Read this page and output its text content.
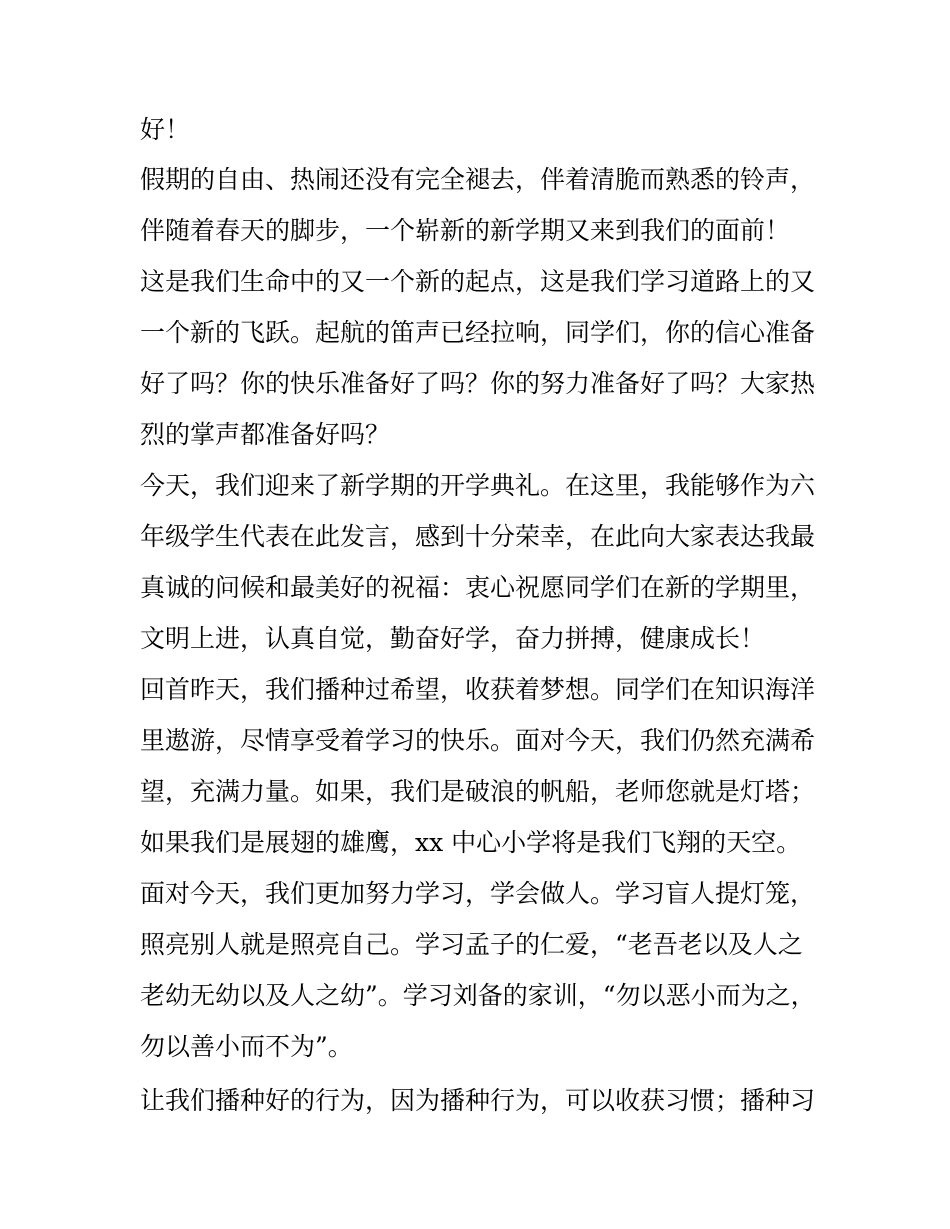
好！
假期的自由、热闹还没有完全褪去，伴着清脆而熟悉的铃声，
伴随着春天的脚步，一个崭新的新学期又来到我们的面前！
这是我们生命中的又一个新的起点，这是我们学习道路上的又
一个新的飞跃。起航的笛声已经拉响，同学们，你的信心准备
好了吗？你的快乐准备好了吗？你的努力准备好了吗？大家热
烈的掌声都准备好吗？
今天，我们迎来了新学期的开学典礼。在这里，我能够作为六
年级学生代表在此发言，感到十分荣幸，在此向大家表达我最
真诚的问候和最美好的祝福：衷心祝愿同学们在新的学期里，
文明上进，认真自觉，勤奋好学，奋力拼搏，健康成长！
回首昨天，我们播种过希望，收获着梦想。同学们在知识海洋
里遨游，尽情享受着学习的快乐。面对今天，我们仍然充满希
望，充满力量。如果，我们是破浪的帆船，老师您就是灯塔；
如果我们是展翅的雄鹰，xx 中心小学将是我们飞翔的天空。
面对今天，我们更加努力学习，学会做人。学习盲人提灯笼，
照亮别人就是照亮自己。学习孟子的仁爱，“老吾老以及人之
老幼无幼以及人之幼”。学习刘备的家训，“勿以恶小而为之，
勿以善小而不为”。
让我们播种好的行为，因为播种行为，可以收获习惯；播种习
